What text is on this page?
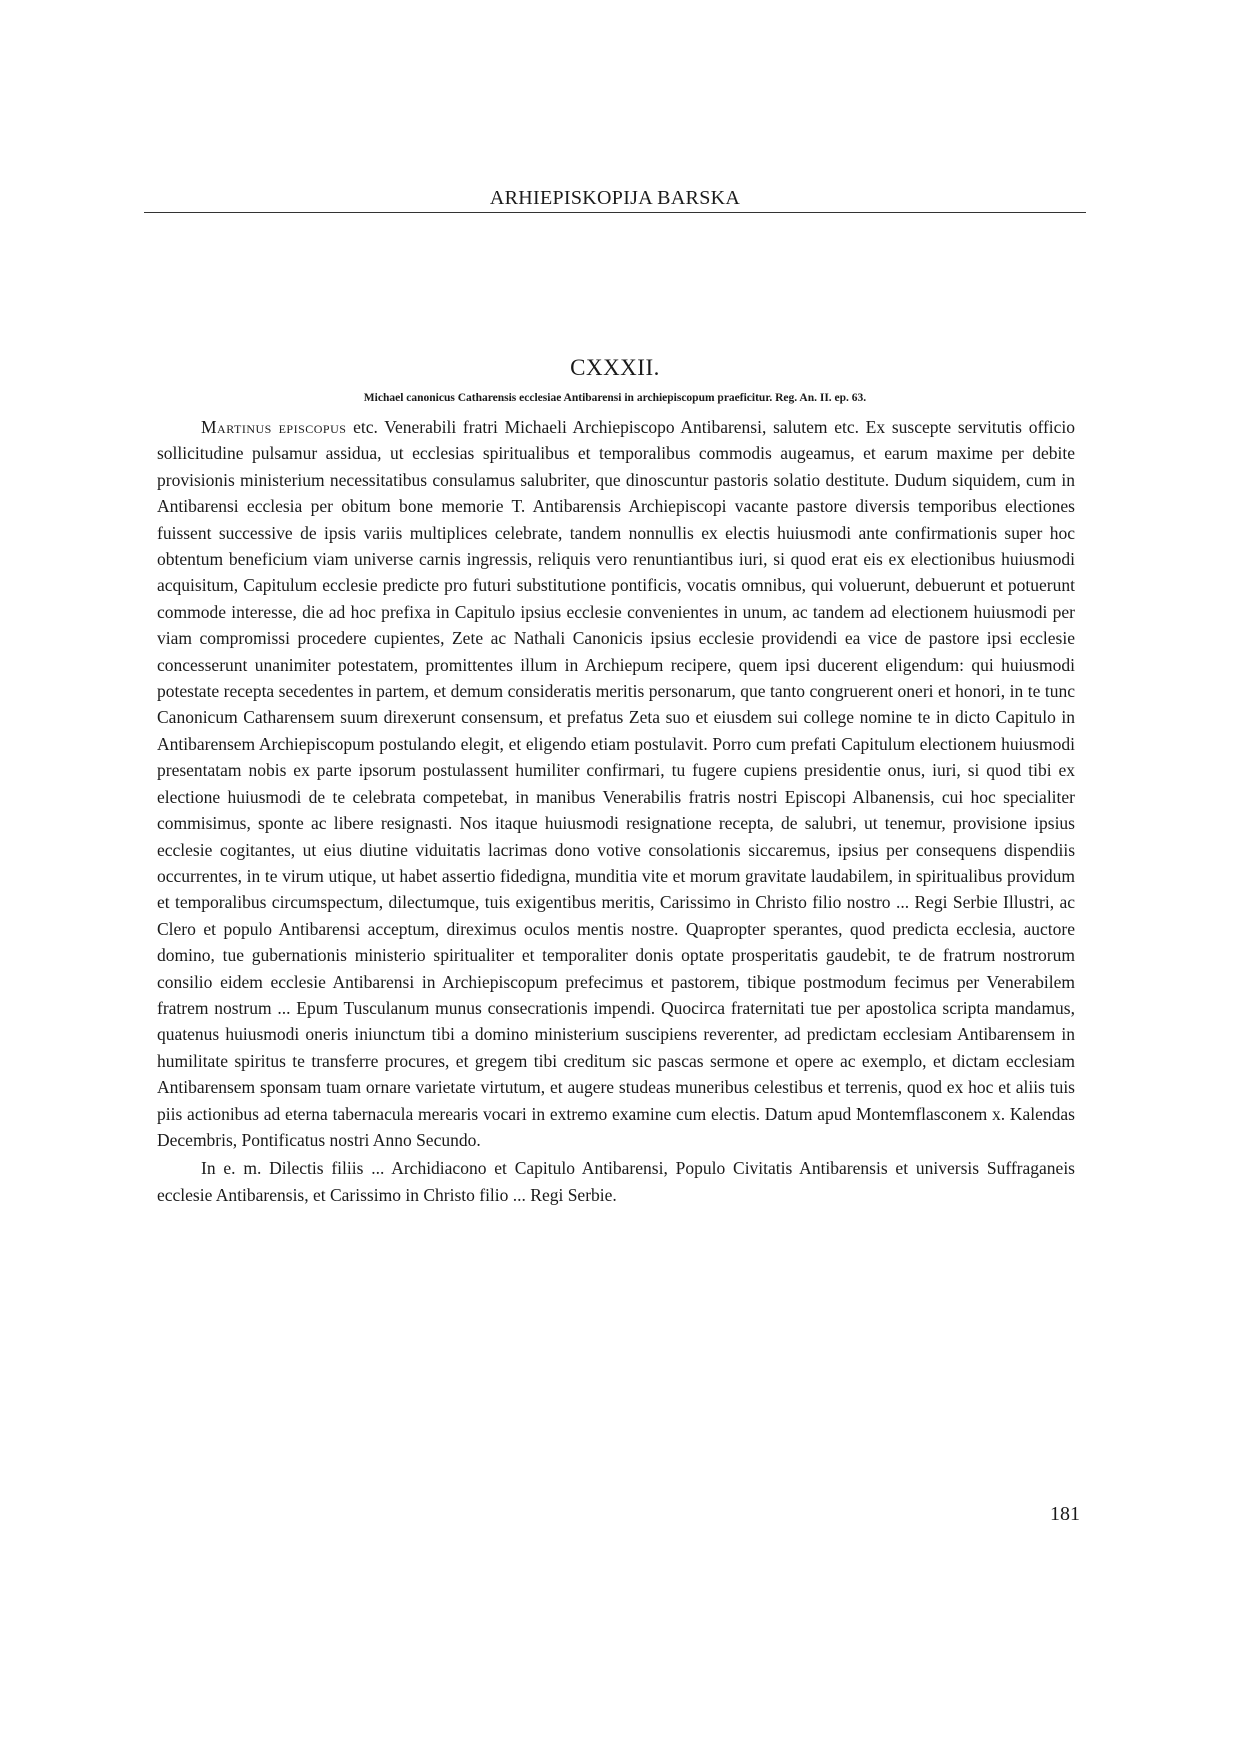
ARHIEPISKOPIJA BARSKA
CXXXII.
Michael canonicus Catharensis ecclesiae Antibarensi in archiepiscopum praeficitur. Reg. An. II. ep. 63.

Martinus episcopus etc. Venerabili fratri Michaeli Archiepiscopo Antibarensi, salutem etc. Ex suscepte servitutis officio sollicitudine pulsamur assidua, ut ecclesias spiritualibus et temporalibus commodis augeamus, et earum maxime per debite provisionis ministerium necessitatibus consulamus salubriter, que dinoscuntur pastoris solatio destitute. Dudum siquidem, cum in Antibarensi ecclesia per obitum bone memorie T. Antibarensis Archiepiscopi vacante pastore diversis temporibus electiones fuissent successive de ipsis variis multiplices celebrate, tandem nonnullis ex electis huiusmodi ante confirmationis super hoc obtentum beneficium viam universe carnis ingressis, reliquis vero renuntiantibus iuri, si quod erat eis ex electionibus huiusmodi acquisitum, Capitulum ecclesie predicte pro futuri substitutione pontificis, vocatis omnibus, qui voluerunt, debuerunt et potuerunt commode interesse, die ad hoc prefixa in Capitulo ipsius ecclesie convenientes in unum, ac tandem ad electionem huiusmodi per viam compromissi procedere cupientes, Zete ac Nathali Canonicis ipsius ecclesie providendi ea vice de pastore ipsi ecclesie concesserunt unanimiter potestatem, promittentes illum in Archiepum recipere, quem ipsi ducerent eligendum: qui huiusmodi potestate recepta secedentes in partem, et demum consideratis meritis personarum, que tanto congruerent oneri et honori, in te tunc Canonicum Catharensem suum direxerunt consensum, et prefatus Zeta suo et eiusdem sui college nomine te in dicto Capitulo in Antibarensem Archiepiscopum postulando elegit, et eligendo etiam postulavit. Porro cum prefati Capitulum electionem huiusmodi presentatam nobis ex parte ipsorum postulassent humiliter confirmari, tu fugere cupiens presidentie onus, iuri, si quod tibi ex electione huiusmodi de te celebrata competebat, in manibus Venerabilis fratris nostri Episcopi Albanensis, cui hoc specialiter commisimus, sponte ac libere resignasti. Nos itaque huiusmodi resignatione recepta, de salubri, ut tenemur, provisione ipsius ecclesie cogitantes, ut eius diutine viduitatis lacrimas dono votive consolationis siccaremus, ipsius per consequens dispendiis occurrentes, in te virum utique, ut habet assertio fidedigna, munditia vite et morum gravitate laudabilem, in spiritualibus providum et temporalibus circumspectum, dilectumque, tuis exigentibus meritis, Carissimo in Christo filio nostro ... Regi Serbie Illustri, ac Clero et populo Antibarensi acceptum, direximus oculos mentis nostre. Quapropter sperantes, quod predicta ecclesia, auctore domino, tue gubernationis ministerio spiritualiter et temporaliter donis optate prosperitatis gaudebit, te de fratrum nostrorum consilio eidem ecclesie Antibarensi in Archiepiscopum prefecimus et pastorem, tibique postmodum fecimus per Venerabilem fratrem nostrum ... Epum Tusculanum munus consecrationis impendi. Quocirca fraternitati tue per apostolica scripta mandamus, quatenus huiusmodi oneris iniunctum tibi a domino ministerium suscipiens reverenter, ad predictam ecclesiam Antibarensem in humilitate spiritus te transferre procures, et gregem tibi creditum sic pascas sermone et opere ac exemplo, et dictam ecclesiam Antibarensem sponsam tuam ornare varietate virtutum, et augere studeas muneribus celestibus et terrenis, quod ex hoc et aliis tuis piis actionibus ad eterna tabernacula merearis vocari in extremo examine cum electis. Datum apud Montemflasconem x. Kalendas Decembris, Pontificatus nostri Anno Secundo.

In e. m. Dilectis filiis ... Archidiacono et Capitulo Antibarensi, Populo Civitatis Antibarensis et universis Suffraganeis ecclesie Antibarensis, et Carissimo in Christo filio ... Regi Serbie.

181
